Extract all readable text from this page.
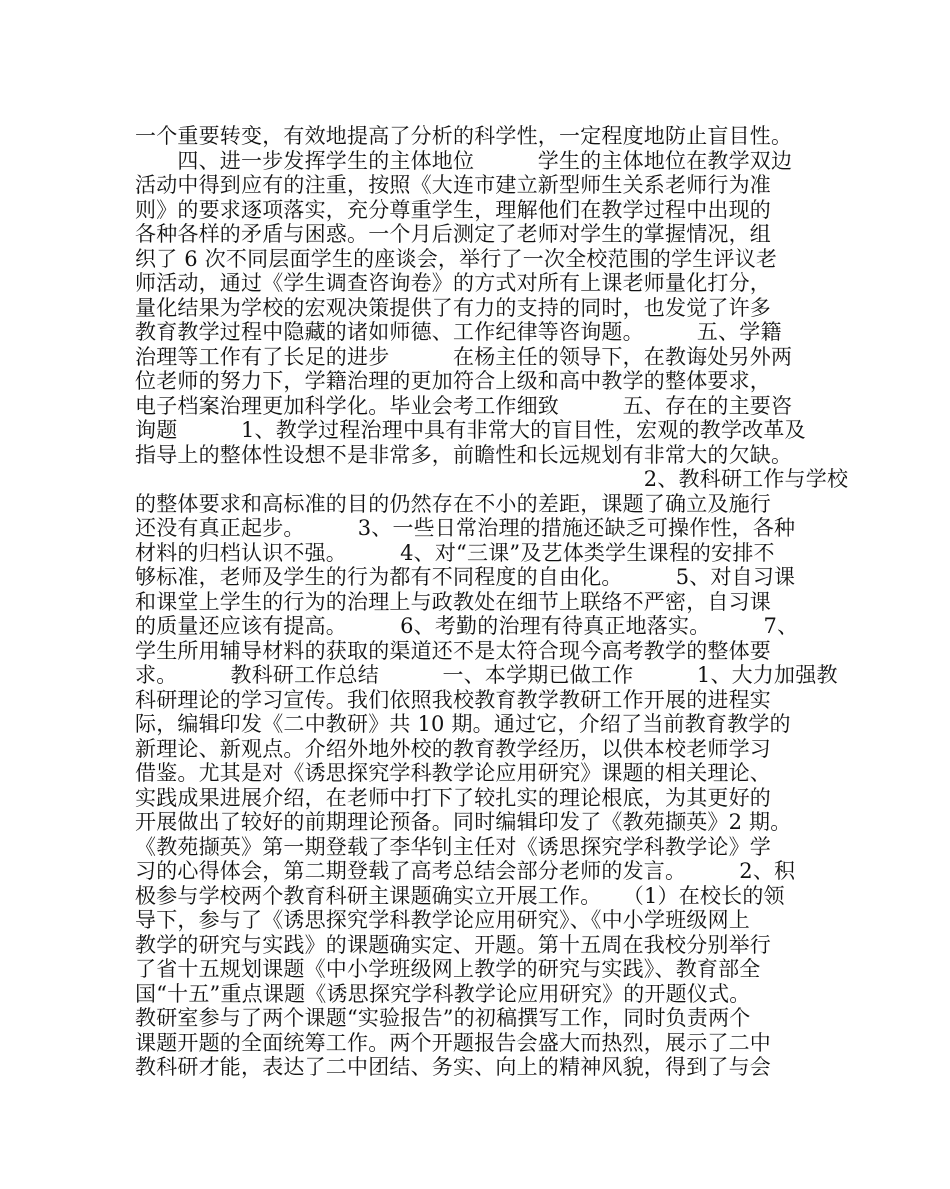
一个重要转变，有效地提高了分析的科学性，一定程度地防止盲目性。
　　四、进一步发挥学生的主体地位　　　学生的主体地位在教学双边
活动中得到应有的注重，按照《大连市建立新型师生关系老师行为准
则》的要求逐项落实，充分尊重学生，理解他们在教学过程中出现的
各种各样的矛盾与困惑。一个月后测定了老师对学生的掌握情况，组
织了 6 次不同层面学生的座谈会，举行了一次全校范围的学生评议老
师活动，通过《学生调查咨询卷》的方式对所有上课老师量化打分，
量化结果为学校的宏观决策提供了有力的支持的同时，也发觉了许多
教育教学过程中隐藏的诸如师德、工作纪律等咨询题。　　　五、学籍
治理等工作有了长足的进步　　　在杨主任的领导下，在教诲处另外两
位老师的努力下，学籍治理的更加符合上级和高中教学的整体要求，
电子档案治理更加科学化。毕业会考工作细致　　　五、存在的主要咨
询题　　　1、教学过程治理中具有非常大的盲目性，宏观的教学改革及
指导上的整体性设想不是非常多，前瞻性和长远规划有非常大的欠缺。
　　　　　　　　　　　　　　　　　　　　　　　　2、教科研工作与学校
的整体要求和高标准的目的仍然存在不小的差距，课题了确立及施行
还没有真正起步。　　　3、一些日常治理的措施还缺乏可操作性，各种
材料的归档认识不强。　　　4、对“三课”及艺体类学生课程的安排不
够标准，老师及学生的行为都有不同程度的自由化。　　　5、对自习课
和课堂上学生的行为的治理上与政教处在细节上联络不严密，自习课
的质量还应该有提高。　　　6、考勤的治理有待真正地落实。　　　7、
学生所用辅导材料的获取的渠道还不是太符合现今高考教学的整体要
求。　　　教科研工作总结　　　一、本学期已做工作　　　1、大力加强教
科研理论的学习宣传。我们依照我校教育教学教研工作开展的进程实
际，编辑印发《二中教研》共 10 期。通过它，介绍了当前教育教学的
新理论、新观点。介绍外地外校的教育教学经历，以供本校老师学习
借鉴。尤其是对《诱思探究学科教学论应用研究》课题的相关理论、
实践成果进展介绍，在老师中打下了较扎实的理论根底，为其更好的
开展做出了较好的前期理论预备。同时编辑印发了《教苑撷英》2 期。
《教苑撷英》第一期登载了李华钊主任对《诱思探究学科教学论》学
习的心得体会，第二期登载了高考总结会部分老师的发言。　　　2、积
极参与学校两个教育科研主课题确实立开展工作。　　（1）在校长的领
导下，参与了《诱思探究学科教学论应用研究》、《中小学班级网上
教学的研究与实践》的课题确实定、开题。第十五周在我校分别举行
了省十五规划课题《中小学班级网上教学的研究与实践》、教育部全
国“十五”重点课题《诱思探究学科教学论应用研究》的开题仪式。
教研室参与了两个课题“实验报告”的初稿撰写工作，同时负责两个
课题开题的全面统筹工作。两个开题报告会盛大而热烈，展示了二中
教科研才能，表达了二中团结、务实、向上的精神风貌，得到了与会
